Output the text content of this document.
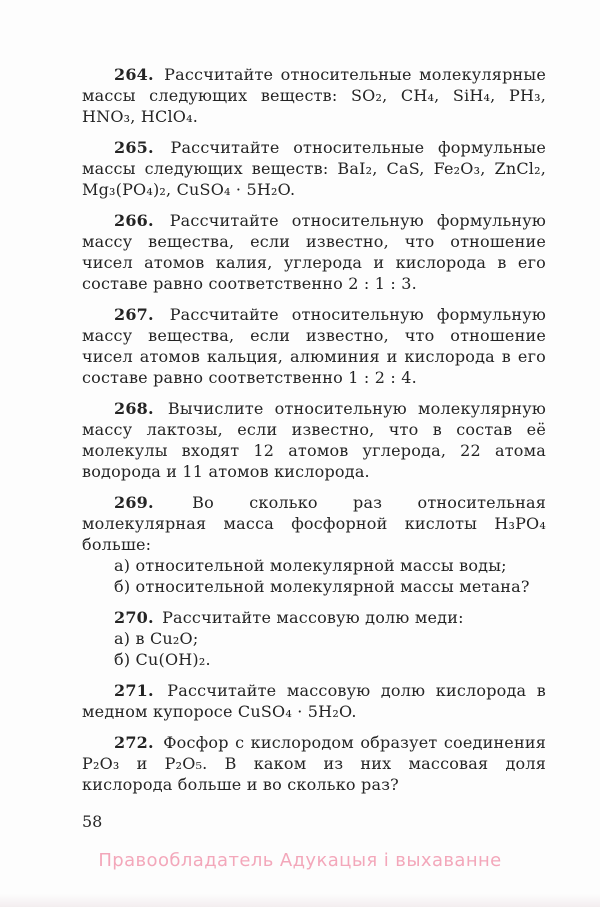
264. Рассчитайте относительные молекулярные массы следующих веществ: SO₂, CH₄, SiH₄, PH₃, HNO₃, HClO₄.

265. Рассчитайте относительные формульные массы следующих веществ: BaI₂, CaS, Fe₂O₃, ZnCl₂, Mg₃(PO₄)₂, CuSO₄ · 5H₂O.

266. Рассчитайте относительную формульную массу вещества, если известно, что отношение чисел атомов калия, углерода и кислорода в его составе равно соответственно 2 : 1 : 3.

267. Рассчитайте относительную формульную массу вещества, если известно, что отношение чисел атомов кальция, алюминия и кислорода в его составе равно соответственно 1 : 2 : 4.

268. Вычислите относительную молекулярную массу лактозы, если известно, что в состав её молекулы входят 12 атомов углерода, 22 атома водорода и 11 атомов кислорода.

269. Во сколько раз относительная молекулярная масса фосфорной кислоты H₃PO₄ больше:

а) относительной молекулярной массы воды;

б) относительной молекулярной массы метана?

270. Рассчитайте массовую долю меди:

а) в Cu₂O;

б) Cu(OH)₂.

271. Рассчитайте массовую долю кислорода в медном купоросе CuSO₄ · 5H₂O.

272. Фосфор с кислородом образует соединения P₂O₃ и P₂O₅. В каком из них массовая доля кислорода больше и во сколько раз?

58
Правообладатель Адукацыя і выхаванне
